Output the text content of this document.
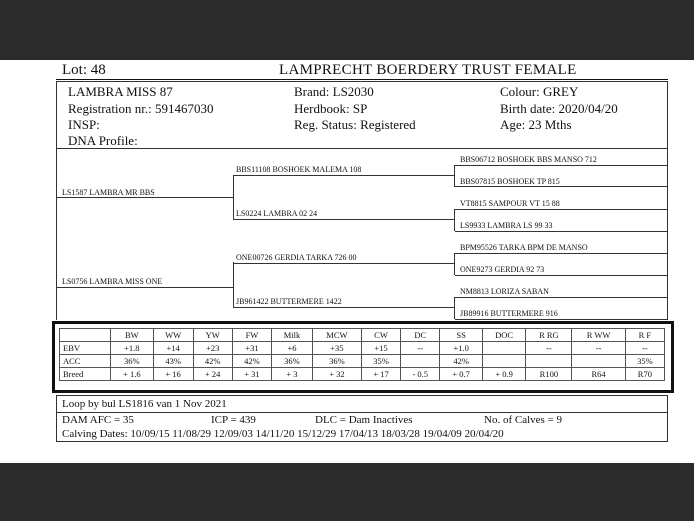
Lot: 48	LAMPRECHT BOERDERY TRUST FEMALE
LAMBRA MISS 87
Registration nr.: 591467030
INSP:
DNA Profile:
Brand: LS2030
Herdbook: SP
Reg. Status: Registered
Colour: GREY
Birth date: 2020/04/20
Age: 23 Mths
LS1587 LAMBRA MR BBS
LS0756 LAMBRA MISS ONE
BBS11108 BOSHOEK MALEMA 108
LS0224 LAMBRA 02 24
ONE00726 GERDIA TARKA 726 00
JB961422 BUTTERMERE 1422
BBS06712 BOSHOEK BBS MANSO 712
BBS07815 BOSHOEK TP 815
VT8815 SAMPOUR VT 15 88
LS9933 LAMBRA LS 99 33
BPM95526 TARKA BPM DE MANSO
ONE9273 GERDIA 92 73
NM8813 LORIZA SABAN
JB89916 BUTTERMERE 916
	BW	WW	YW	FW	Milk	MCW	CW	DC	SS	DOC	R RG	R WW	R F
EBV	+1.8	+14	+23	+31	+6	+35	+15	--	+1.0		--	--	--
ACC	36%	43%	42%	42%	36%	36%	35%		42%				35%
Breed	+ 1.6	+ 16	+ 24	+ 31	+ 3	+ 32	+ 17	- 0.5	+ 0.7	+ 0.9	R100	R64	R70
Loop by bul LS1816 van 1 Nov 2021
DAM AFC = 35	ICP = 439	DLC = Dam Inactives	No. of Calves = 9
Calving Dates: 10/09/15 11/08/29 12/09/03 14/11/20 15/12/29 17/04/13 18/03/28 19/04/09 20/04/20
